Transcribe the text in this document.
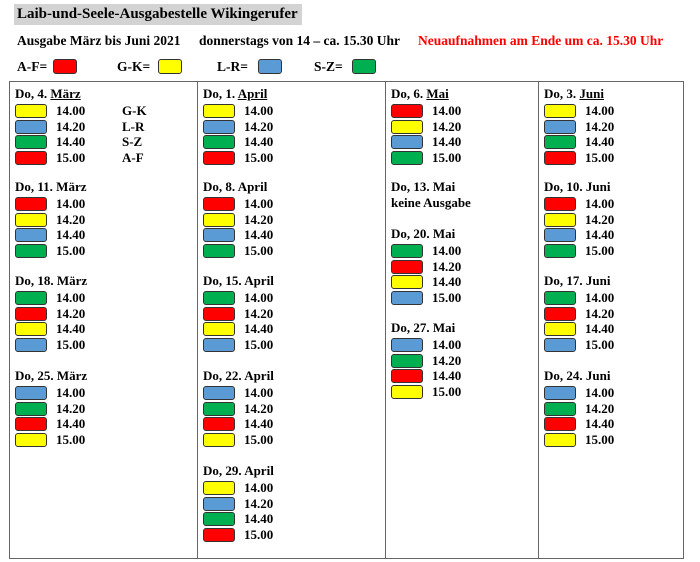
Laib-und-Seele-Ausgabestelle Wikingerufer
Ausgabe März bis Juni 2021 donnerstags von 14 – ca. 15.30 Uhr Neuaufnahmen am Ende um ca. 15.30 Uhr
A-F=	G-K=	L-R=	S-Z=
Do, 4. März
14.00	G-K
14.20	L-R
14.40	S-Z
15.00	A-F
Do, 11. März
14.00
14.20
14.40
15.00
Do, 18. März
14.00
14.20
14.40
15.00
Do, 25. März
14.00
14.20
14.40
15.00
Do, 1. April
14.00
14.20
14.40
15.00
Do, 8. April
14.00
14.20
14.40
15.00
Do, 15. April
14.00
14.20
14.40
15.00
Do, 22. April
14.00
14.20
14.40
15.00
Do, 29. April
14.00
14.20
14.40
15.00
Do, 6. Mai
14.00
14.20
14.40
15.00
Do, 13. Mai
keine Ausgabe
Do, 20. Mai
14.00
14.20
14.40
15.00
Do, 27. Mai
14.00
14.20
14.40
15.00
Do, 3. Juni
14.00
14.20
14.40
15.00
Do, 10. Juni
14.00
14.20
14.40
15.00
Do, 17. Juni
14.00
14.20
14.40
15.00
Do, 24. Juni
14.00
14.20
14.40
15.00
